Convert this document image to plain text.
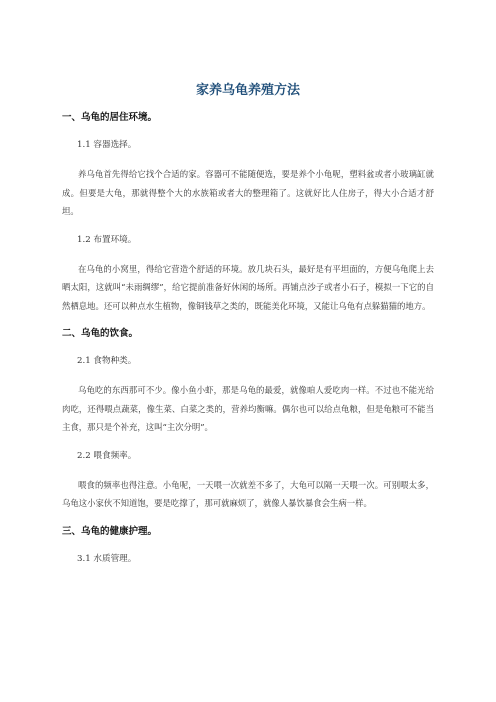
家养乌龟养殖方法
一、乌龟的居住环境。
1.1 容器选择。

养乌龟首先得给它找个合适的家。容器可不能随便选，要是养个小龟呢，塑料盆或者小玻璃缸就成。但要是大龟，那就得整个大的水族箱或者大的整理箱了。这就好比人住房子，得大小合适才舒坦。

1.2 布置环境。

在乌龟的小窝里，得给它营造个舒适的环境。放几块石头，最好是有平坦面的，方便乌龟爬上去晒太阳，这就叫“未雨绸缪”，给它提前准备好休闲的场所。再铺点沙子或者小石子，模拟一下它的自然栖息地。还可以种点水生植物，像铜钱草之类的，既能美化环境，又能让乌龟有点躲猫猫的地方。

二、乌龟的饮食。
2.1 食物种类。

乌龟吃的东西那可不少。像小鱼小虾，那是乌龟的最爱，就像咱人爱吃肉一样。不过也不能光给肉吃，还得喂点蔬菜，像生菜、白菜之类的，营养均衡嘛。偶尔也可以给点龟粮，但是龟粮可不能当主食，那只是个补充，这叫“主次分明”。

2.2 喂食频率。

喂食的频率也得注意。小龟呢，一天喂一次就差不多了，大龟可以隔一天喂一次。可别喂太多，乌龟这小家伙不知道饱，要是吃撑了，那可就麻烦了，就像人暴饮暴食会生病一样。

三、乌龟的健康护理。
3.1 水质管理。
